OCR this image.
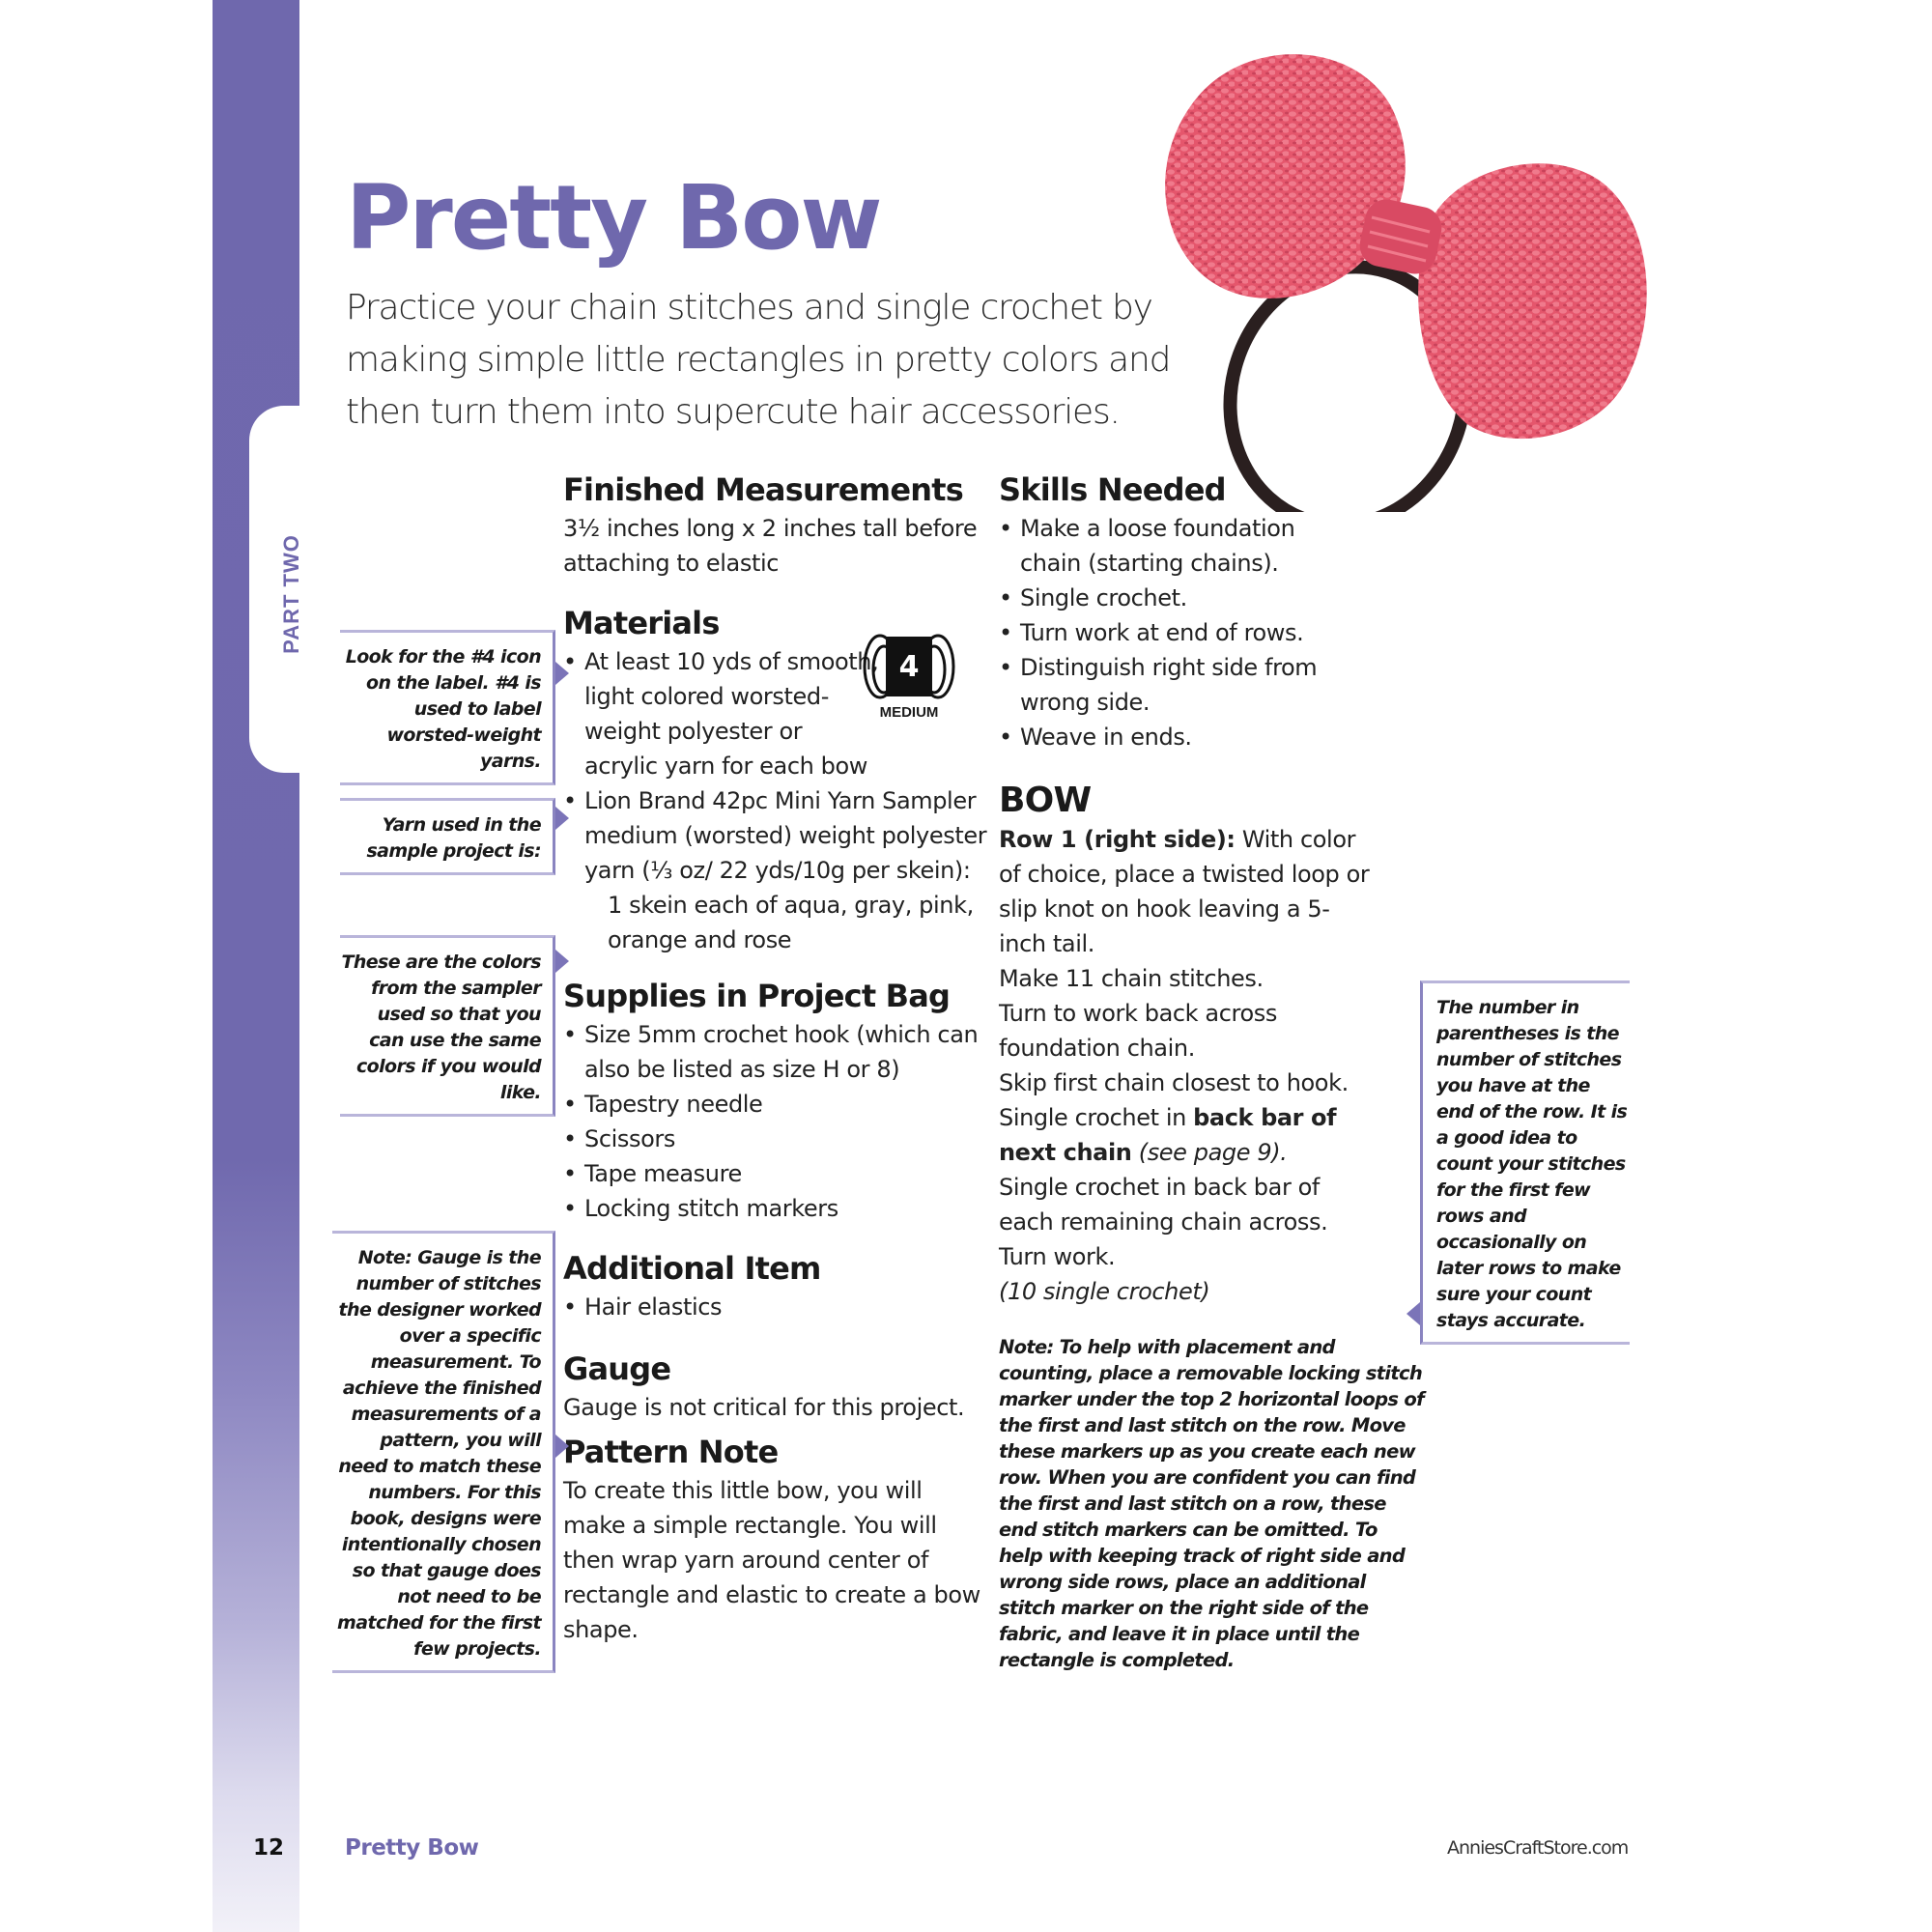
PART TWO
Pretty Bow

Practice your chain stitches and single crochet by making simple little rectangles in pretty colors and then turn them into supercute hair accessories.

Finished Measurements

3½ inches long x 2 inches tall before attaching to elastic

Materials
• At least 10 yds of smooth, light colored worsted-weight polyester or acrylic yarn for each bow
• Lion Brand 42pc Mini Yarn Sampler medium (worsted) weight polyester yarn (⅓ oz/ 22 yds/10g per skein):
1 skein each of aqua, gray, pink, orange and rose
Supplies in Project Bag
• Size 5mm crochet hook (which can also be listed as size H or 8)
• Tapestry needle
• Scissors
• Tape measure
• Locking stitch markers
Additional Item
• Hair elastics
Gauge

Gauge is not critical for this project.

Pattern Note

To create this little bow, you will make a simple rectangle. You will then wrap yarn around center of rectangle and elastic to create a bow shape.

4
MEDIUM
Skills Needed
• Make a loose foundation chain (starting chains).
• Single crochet.
• Turn work at end of rows.
• Distinguish right side from wrong side.
• Weave in ends.
BOW

Row 1 (right side): With color of choice, place a twisted loop or slip knot on hook leaving a 5-inch tail.

Make 11 chain stitches.

Turn to work back across foundation chain.

Skip first chain closest to hook.

Single crochet in back bar of next chain (see page 9).

Single crochet in back bar of each remaining chain across.

Turn work.

(10 single crochet)

Note: To help with placement and counting, place a removable locking stitch marker under the top 2 horizontal loops of the first and last stitch on the row. Move these markers up as you create each new row. When you are confident you can find the first and last stitch on a row, these end stitch markers can be omitted. To help with keeping track of right side and wrong side rows, place an additional stitch marker on the right side of the fabric, and leave it in place until the rectangle is completed.

Look for the #4 icon on the label. #4 is used to label worsted-weight yarns.
Yarn used in the sample project is:
These are the colors from the sampler used so that you can use the same colors if you would like.
Note: Gauge is the number of stitches the designer worked over a specific measurement. To achieve the finished measurements of a pattern, you will need to match these numbers. For this book, designs were intentionally chosen so that gauge does not need to be matched for the first few projects.
The number in parentheses is the number of stitches you have at the end of the row. It is a good idea to count your stitches for the first few rows and occasionally on later rows to make sure your count stays accurate.
12	Pretty Bow	AnniesCraftStore.com
